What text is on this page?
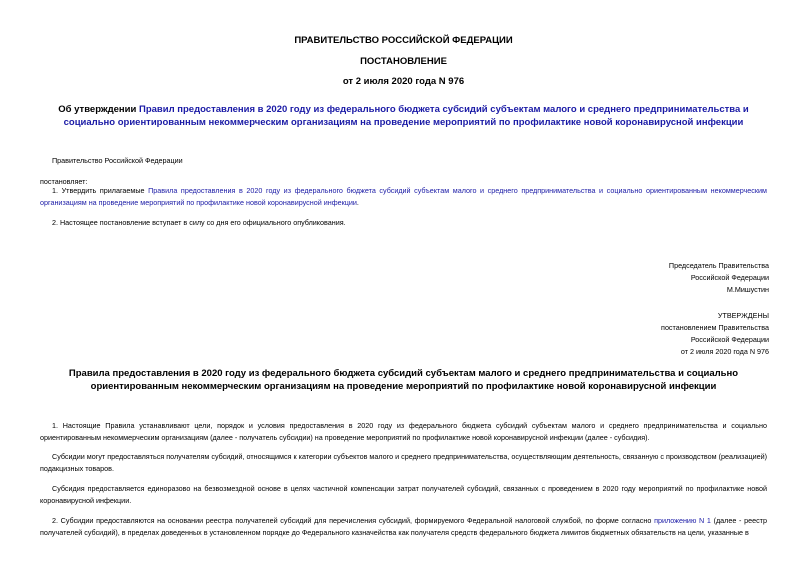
ПРАВИТЕЛЬСТВО РОССИЙСКОЙ ФЕДЕРАЦИИ
ПОСТАНОВЛЕНИЕ
от 2 июля 2020 года N 976
Об утверждении Правил предоставления в 2020 году из федерального бюджета субсидий субъектам малого и среднего предпринимательства и социально ориентированным некоммерческим организациям на проведение мероприятий по профилактике новой коронавирусной инфекции
Правительство Российской Федерации
постановляет:
1. Утвердить прилагаемые Правила предоставления в 2020 году из федерального бюджета субсидий субъектам малого и среднего предпринимательства и социально ориентированным некоммерческим организациям на проведение мероприятий по профилактике новой коронавирусной инфекции.
2. Настоящее постановление вступает в силу со дня его официального опубликования.
Председатель Правительства
Российской Федерации
М.Мишустин
УТВЕРЖДЕНЫ
постановлением Правительства
Российской Федерации
от 2 июля 2020 года N 976
Правила предоставления в 2020 году из федерального бюджета субсидий субъектам малого и среднего предпринимательства и социально ориентированным некоммерческим организациям на проведение мероприятий по профилактике новой коронавирусной инфекции
1. Настоящие Правила устанавливают цели, порядок и условия предоставления в 2020 году из федерального бюджета субсидий субъектам малого и среднего предпринимательства и социально ориентированным некоммерческим организациям (далее - получатель субсидии) на проведение мероприятий по профилактике новой коронавирусной инфекции (далее - субсидия).
Субсидии могут предоставляться получателям субсидий, относящимся к категории субъектов малого и среднего предпринимательства, осуществляющим деятельность, связанную с производством (реализацией) подакцизных товаров.
Субсидия предоставляется единоразово на безвозмездной основе в целях частичной компенсации затрат получателей субсидий, связанных с проведением в 2020 году мероприятий по профилактике новой коронавирусной инфекции.
2. Субсидии предоставляются на основании реестра получателей субсидий для перечисления субсидий, формируемого Федеральной налоговой службой, по форме согласно приложению N 1 (далее - реестр получателей субсидий), в пределах доведенных в установленном порядке до Федерального казначейства как получателя средств федерального бюджета лимитов бюджетных обязательств на цели, указанные в
